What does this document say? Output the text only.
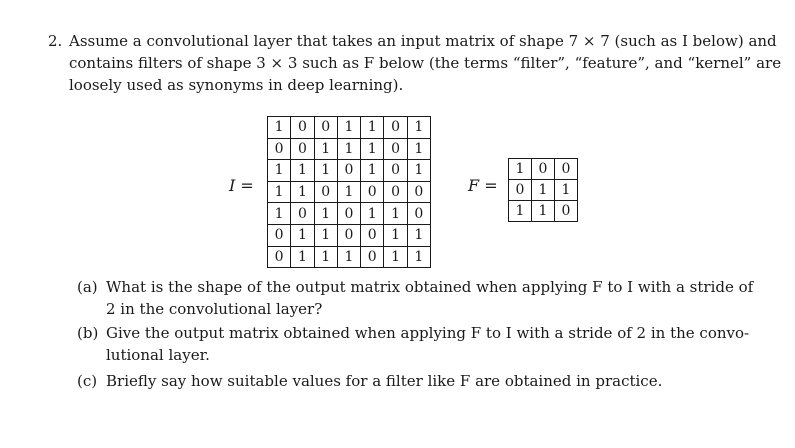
2. Assume a convolutional layer that takes an input matrix of shape 7 × 7 (such as I below) and

contains filters of shape 3 × 3 such as F below (the terms “filter”, “feature”, and “kernel” are

loosely used as synonyms in deep learning).

I =
1	0	0	1	1	0	1
0	0	1	1	1	0	1
1	1	1	0	1	0	1
1	1	0	1	0	0	0
1	0	1	0	1	1	0
0	1	1	0	0	1	1
0	1	1	1	0	1	1
F =
1	0	0
0	1	1
1	1	0
(a) What is the shape of the output matrix obtained when applying F to I with a stride of
2 in the convolutional layer?
(b) Give the output matrix obtained when applying F to I with a stride of 2 in the convo-
lutional layer.
(c) Briefly say how suitable values for a filter like F are obtained in practice.
